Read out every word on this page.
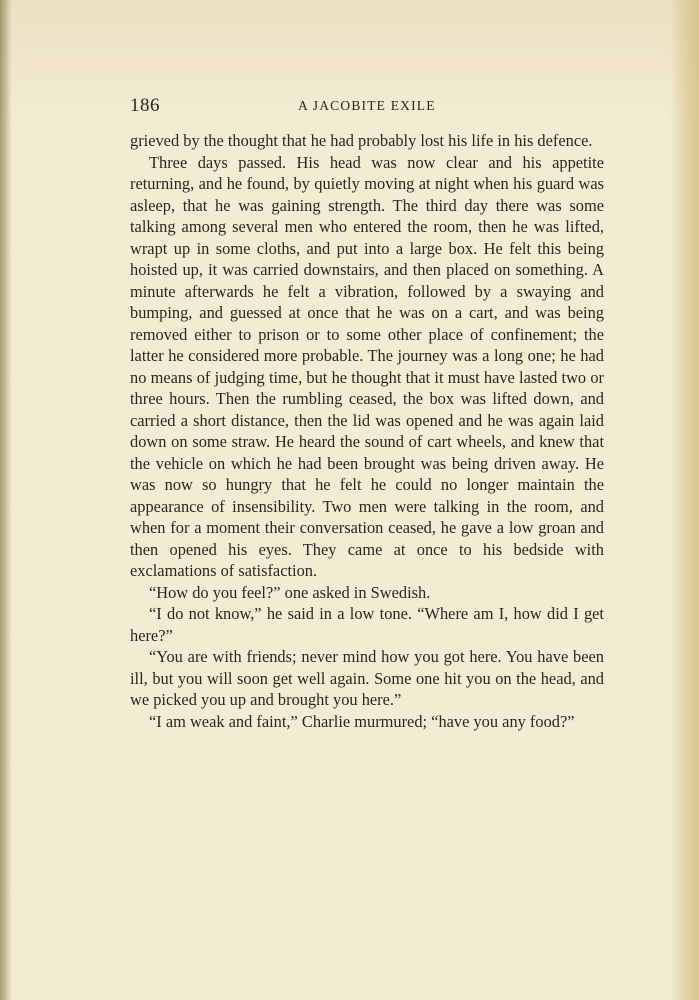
186	A JACOBITE EXILE

grieved by the thought that he had probably lost his life in his defence.

Three days passed. His head was now clear and his appetite returning, and he found, by quietly moving at night when his guard was asleep, that he was gaining strength. The third day there was some talking among several men who entered the room, then he was lifted, wrapt up in some cloths, and put into a large box. He felt this being hoisted up, it was carried downstairs, and then placed on something. A minute afterwards he felt a vibration, followed by a swaying and bumping, and guessed at once that he was on a cart, and was being removed either to prison or to some other place of confinement; the latter he considered more probable. The journey was a long one; he had no means of judging time, but he thought that it must have lasted two or three hours. Then the rumbling ceased, the box was lifted down, and carried a short distance, then the lid was opened and he was again laid down on some straw. He heard the sound of cart wheels, and knew that the vehicle on which he had been brought was being driven away. He was now so hungry that he felt he could no longer maintain the appearance of insensibility. Two men were talking in the room, and when for a moment their conversation ceased, he gave a low groan and then opened his eyes. They came at once to his bedside with exclamations of satisfaction.

“How do you feel?” one asked in Swedish.

“I do not know,” he said in a low tone. “Where am I, how did I get here?”

“You are with friends; never mind how you got here. You have been ill, but you will soon get well again. Some one hit you on the head, and we picked you up and brought you here.”

“I am weak and faint,” Charlie murmured; “have you any food?”
